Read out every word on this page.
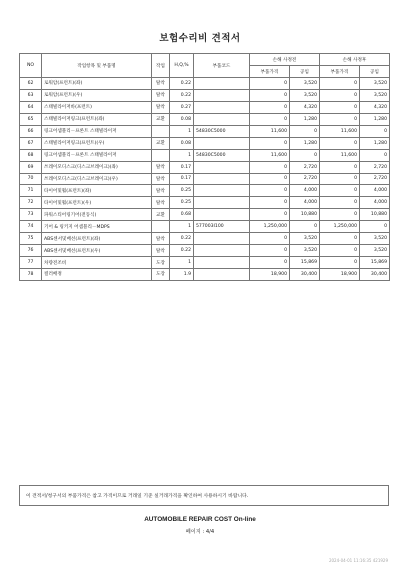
보험수리비 견적서
NO	작업항목 및 부품명	작업	H,Q,%	부품코드	손해 사정전		손해 사정후	
					부품가격	공임	부품가격	공임
62	로워암(프런트)(좌)	탈착	0.22		0	3,520	0	3,520
63	로워암(프런트)(우)	탈착	0.22		0	3,520	0	3,520
64	스태빌라이저바(프런트)	탈착	0.27		0	4,320	0	4,320
65	스태빌라이저링크(프런트)(좌)	교환	0.08		0	1,280	0	1,280
66	링크어셈블리－프론트 스태빌라이저		1	54830C5000	11,600	0	11,600	0
67	스태빌라이저링크(프런트)(우)	교환	0.08		0	1,280	0	1,280
68	링크어셈블리－프론트 스태빌라이저		1	54830C5000	11,600	0	11,600	0
69	쓰레이모디스크(디스크브레이크)(좌)	탈착	0.17		0	2,720	0	2,720
70	쓰레이모디스크(디스크브레이크)(우)	탈착	0.17		0	2,720	0	2,720
71	타이어및휠(프런트)(좌)	탈착	0.25		0	4,000	0	4,000
72	타이어및휠(프런트)(우)	탈착	0.25		0	4,000	0	4,000
73	파워스티어링기어(전동식)	교환	0.68		0	10,880	0	10,880
74	기어 & 링키지 어셈블리－MDPS		1	577003I100	1,250,000	0	1,250,000	0
75	ABS센서및배선(프런트)(좌)	탈착	0.22		0	3,520	0	3,520
76	ABS센서및배선(프런트)(우)	탈착	0.22		0	3,520	0	3,520
77	차량전조비	도장	1		0	15,869	0	15,869
78	컬러배정	도장	1.9		18,900	30,400	18,900	30,400
이 견적서/청구서의 부품가격은 참고 가격이므로 거래일 기준 실거래가격을 확인하여 사용하시기 바랍니다.
AUTOMOBILE REPAIR COST On-line
페이지 : 4/4
2024-04-01 11:16:35 421929
